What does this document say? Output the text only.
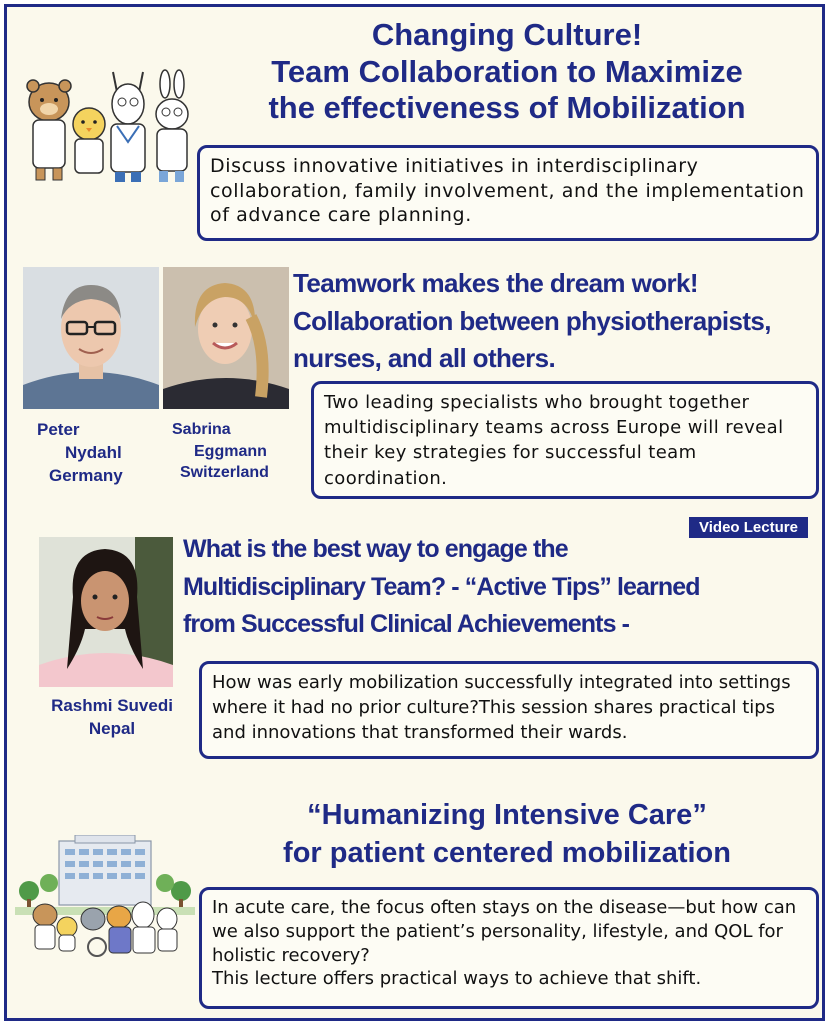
Changing Culture!
Team Collaboration to Maximize
the effectiveness of Mobilization
Discuss innovative initiatives in interdisciplinary collaboration, family involvement, and the implementation of advance care planning.
Peter
Nydahl
Germany
Sabrina
Eggmann
Switzerland
Teamwork makes the dream work!
Collaboration between physiotherapists,
nurses, and all others.
Two leading specialists who brought together multidisciplinary teams across Europe will reveal their key strategies for successful team coordination.
Video Lecture
Rashmi Suvedi
Nepal
What is the best way to engage the
Multidisciplinary Team? - “Active Tips” learned
from Successful Clinical Achievements -
How was early mobilization successfully integrated into settings where it had no prior culture?This session shares practical tips and innovations that transformed their wards.
“Humanizing Intensive Care”
for patient centered mobilization
In acute care, the focus often stays on the disease—but how can we also support the patient’s personality, lifestyle, and QOL for holistic recovery?
This lecture offers practical ways to achieve that shift.
